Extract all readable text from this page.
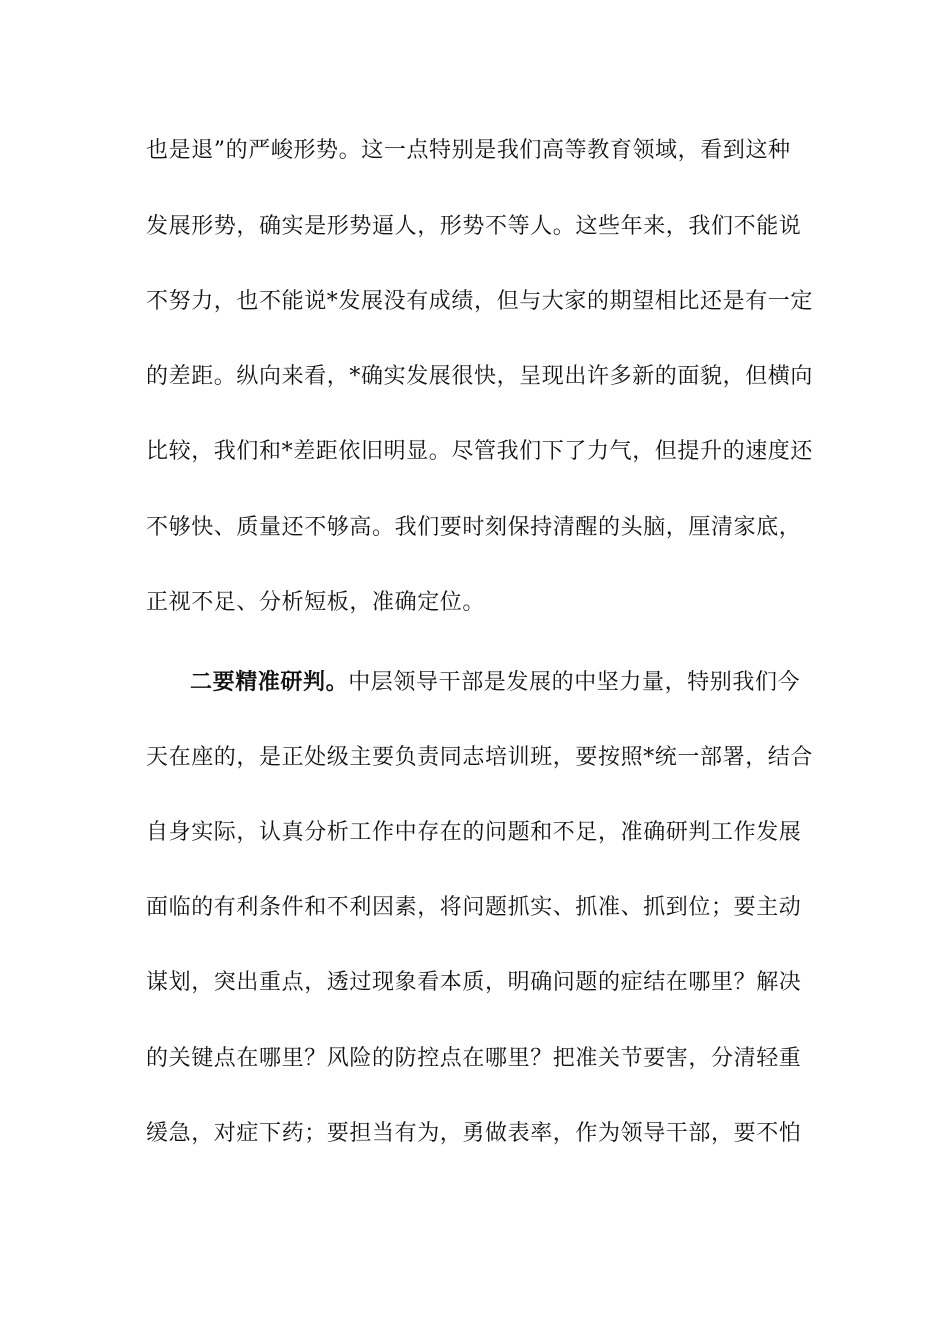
也是退”的严峻形势。这一点特别是我们高等教育领域，看到这种
发展形势，确实是形势逼人，形势不等人。这些年来，我们不能说
不努力，也不能说*发展没有成绩，但与大家的期望相比还是有一定
的差距。纵向来看，*确实发展很快，呈现出许多新的面貌，但横向
比较，我们和*差距依旧明显。尽管我们下了力气，但提升的速度还
不够快、质量还不够高。我们要时刻保持清醒的头脑，厘清家底，
正视不足、分析短板，准确定位。
二要精准研判。中层领导干部是发展的中坚力量，特别我们今
天在座的，是正处级主要负责同志培训班，要按照*统一部署，结合
自身实际，认真分析工作中存在的问题和不足，准确研判工作发展
面临的有利条件和不利因素，将问题抓实、抓准、抓到位；要主动
谋划，突出重点，透过现象看本质，明确问题的症结在哪里？解决
的关键点在哪里？风险的防控点在哪里？把准关节要害，分清轻重
缓急，对症下药；要担当有为，勇做表率，作为领导干部，要不怕
